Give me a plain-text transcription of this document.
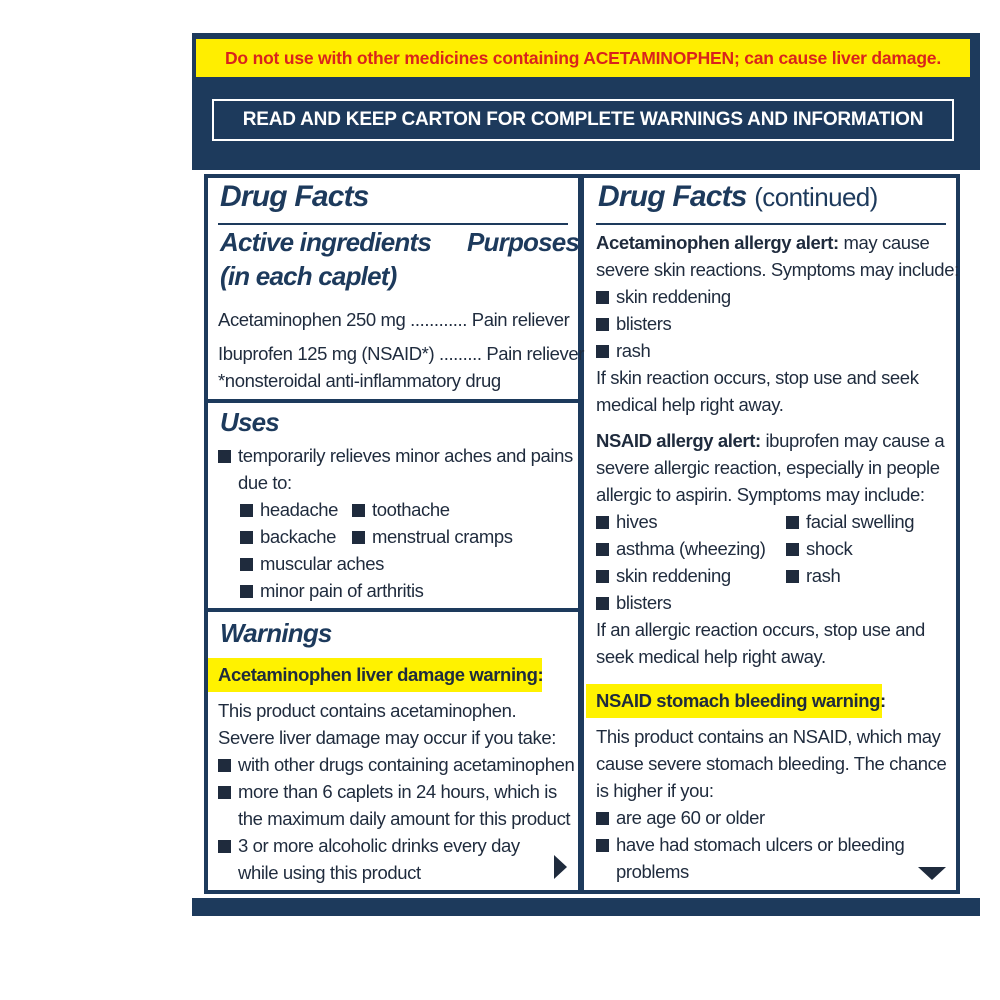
Do not use with other medicines containing ACETAMINOPHEN; can cause liver damage.
READ AND KEEP CARTON FOR COMPLETE WARNINGS AND INFORMATION
Drug Facts
Active ingredients Purposes
(in each caplet)
Acetaminophen 250 mg ............ Pain reliever
Ibuprofen 125 mg (NSAID*) ......... Pain reliever
*nonsteroidal anti-inflammatory drug
Uses
temporarily relieves minor aches and pains
due to:
headache	toothache
backache	menstrual cramps
muscular aches
minor pain of arthritis
Warnings
Acetaminophen liver damage warning:
This product contains acetaminophen.
Severe liver damage may occur if you take:
with other drugs containing acetaminophen
more than 6 caplets in 24 hours, which is
the maximum daily amount for this product
3 or more alcoholic drinks every day
while using this product
Drug Facts (continued)
Acetaminophen allergy alert: may cause
severe skin reactions. Symptoms may include:
skin reddening
blisters
rash
If skin reaction occurs, stop use and seek
medical help right away.
NSAID allergy alert: ibuprofen may cause a
severe allergic reaction, especially in people
allergic to aspirin. Symptoms may include:
hives	facial swelling
asthma (wheezing)	shock
skin reddening	rash
blisters
If an allergic reaction occurs, stop use and
seek medical help right away.
NSAID stomach bleeding warning:
This product contains an NSAID, which may
cause severe stomach bleeding. The chance
is higher if you:
are age 60 or older
have had stomach ulcers or bleeding
problems
